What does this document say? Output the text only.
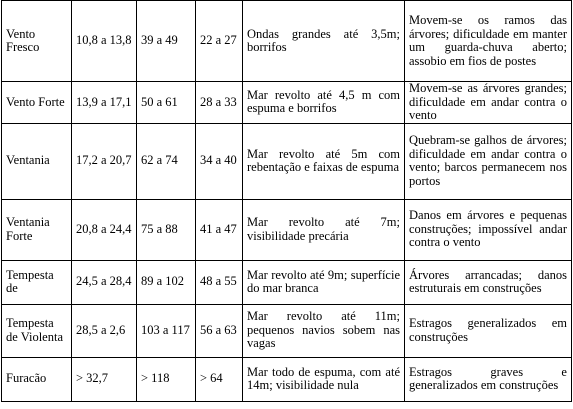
Vento Fresco	10,8 a 13,8	39 a 49	22 a 27	Ondas grandes até 3,5m; borrifos	Movem-se os ramos das árvores; dificuldade em manter um guarda-chuva aberto; assobio em fios de postes
Vento Forte	13,9 a 17,1	50 a 61	28 a 33	Mar revolto até 4,5 m com espuma e borrifos	Movem-se as árvores grandes; dificuldade em andar contra o vento
Ventania	17,2 a 20,7	62 a 74	34 a 40	Mar revolto até 5m com rebentação e faixas de espuma	Quebram-se galhos de árvores; dificuldade em andar contra o vento; barcos permanecem nos portos
Ventania Forte	20,8 a 24,4	75 a 88	41 a 47	Mar revolto até 7m; visibilidade precária	Danos em árvores e pequenas construções; impossível andar contra o vento
Tempesta de	24,5 a 28,4	89 a 102	48 a 55	Mar revolto até 9m; superfície do mar branca	Árvores arrancadas; danos estruturais em construções
Tempesta de Violenta	28,5 a 2,6	103 a 117	56 a 63	Mar revolto até 11m; pequenos navios sobem nas vagas	Estragos generalizados em construções
Furacão	> 32,7	> 118	> 64	Mar todo de espuma, com até 14m; visibilidade nula	Estragos graves e generalizados em construções
